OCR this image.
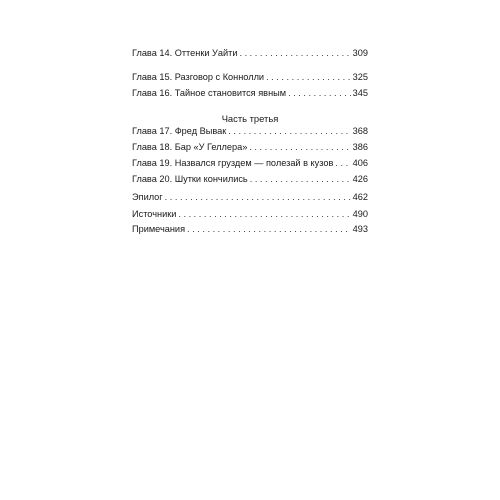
Глава 14. Оттенки Уайти . . .	309
Глава 15. Разговор с Коннолли . . .	325
Глава 16. Тайное становится явным . . .	345
Часть третья
Глава 17. Фред Вывак . . .	368
Глава 18. Бар «У Геллера» . . .	386
Глава 19. Назвался груздем — полезай в кузов . . . 406
Глава 20. Шутки кончились . . .	426
Эпилог . . .	462
Источники . . .	490
Примечания . . .	493
